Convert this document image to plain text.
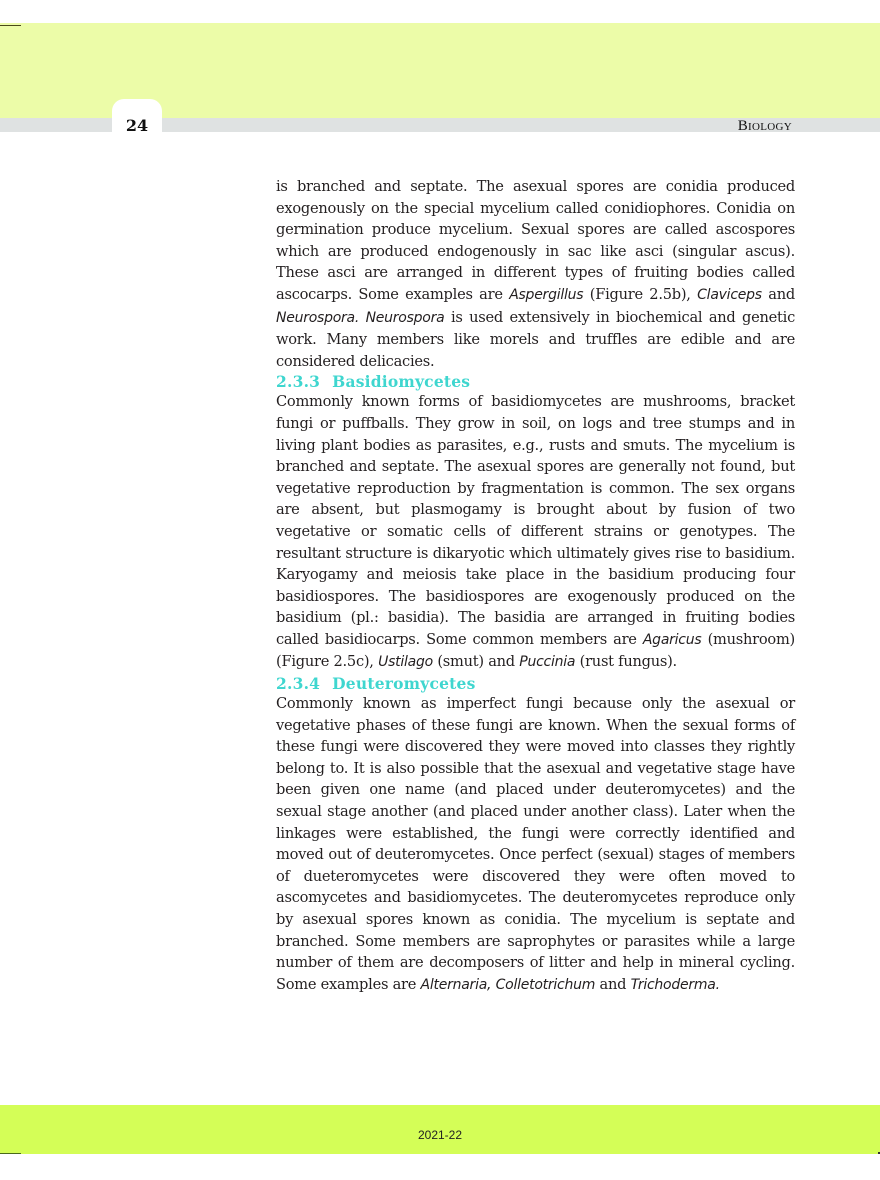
24	Biology

is branched and septate. The asexual spores are conidia produced exogenously on the special mycelium called conidiophores. Conidia on germination produce mycelium. Sexual spores are called ascospores which are produced endogenously in sac like asci (singular ascus). These asci are arranged in different types of fruiting bodies called ascocarps. Some examples are Aspergillus (Figure 2.5b), Claviceps and Neurospora. Neurospora is used extensively in biochemical and genetic work. Many members like morels and truffles are edible and are considered delicacies.

2.3.3 Basidiomycetes

Commonly known forms of basidiomycetes are mushrooms, bracket fungi or puffballs. They grow in soil, on logs and tree stumps and in living plant bodies as parasites, e.g., rusts and smuts. The mycelium is branched and septate. The asexual spores are generally not found, but vegetative reproduction by fragmentation is common. The sex organs are absent, but plasmogamy is brought about by fusion of two vegetative or somatic cells of different strains or genotypes. The resultant structure is dikaryotic which ultimately gives rise to basidium. Karyogamy and meiosis take place in the basidium producing four basidiospores. The basidiospores are exogenously produced on the basidium (pl.: basidia). The basidia are arranged in fruiting bodies called basidiocarps. Some common members are Agaricus (mushroom) (Figure 2.5c), Ustilago (smut) and Puccinia (rust fungus).

2.3.4 Deuteromycetes

Commonly known as imperfect fungi because only the asexual or vegetative phases of these fungi are known. When the sexual forms of these fungi were discovered they were moved into classes they rightly belong to. It is also possible that the asexual and vegetative stage have been given one name (and placed under deuteromycetes) and the sexual stage another (and placed under another class). Later when the linkages were established, the fungi were correctly identified and moved out of deuteromycetes. Once perfect (sexual) stages of members of dueteromycetes were discovered they were often moved to ascomycetes and basidiomycetes. The deuteromycetes reproduce only by asexual spores known as conidia. The mycelium is septate and branched. Some members are saprophytes or parasites while a large number of them are decomposers of litter and help in mineral cycling. Some examples are Alternaria, Colletotrichum and Trichoderma.

2021-22
